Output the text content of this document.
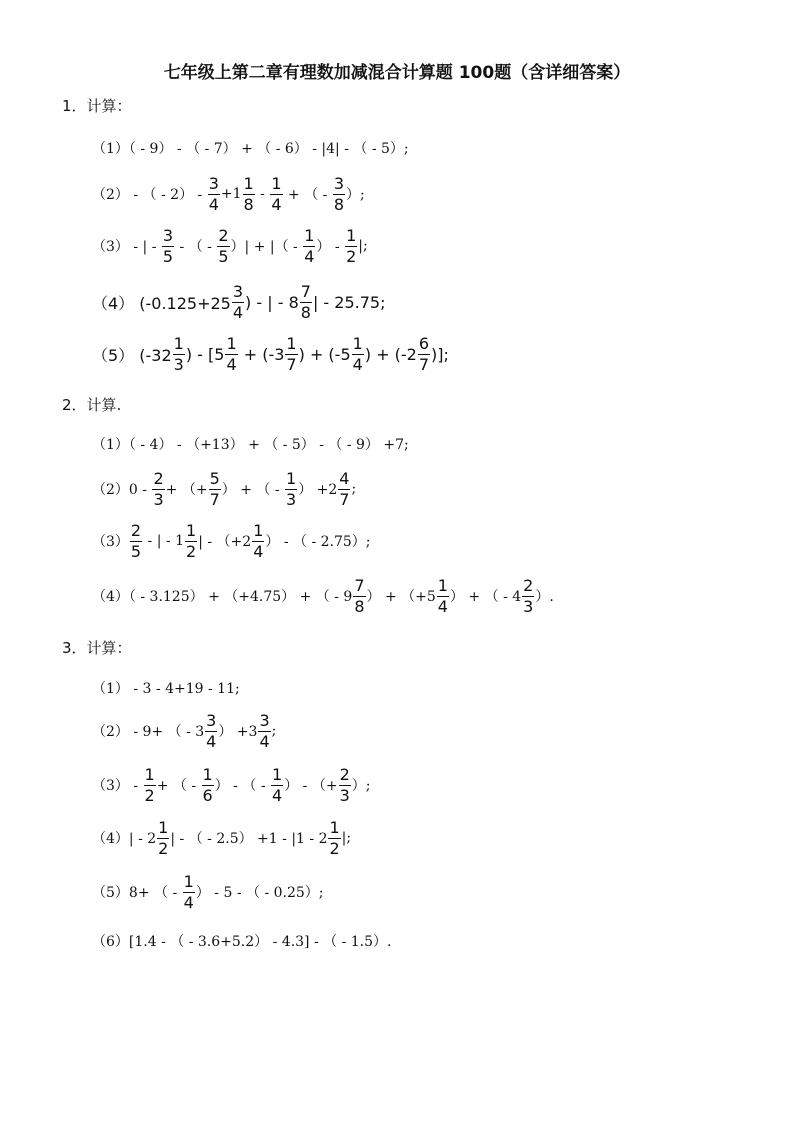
七年级上第二章有理数加减混合计算题 100题（含详细答案）
1．计算：
（1）（ - 9） - （ - 7） + （ - 6） - |4| - （ - 5）;
（2） - （ - $2) - \frac{3}{4} +1 \frac{1}{8} - \frac{1}{4}$ + （ - $\frac{3}{8}$ ）;
（3） - | - $\frac{3}{5}$ - （ - $\frac{2}{5}$ ）| + |（ - $\frac{1}{4}$ ） - $\frac{1}{2}$ |;
（4） ($-0.125+25 \frac{3}{4}$ ) - | - $8 \frac{7}{8}$ | - 25.75;
（5） ($-32 \frac{1}{3}$ ) - [$5 \frac{1}{4} + (-3 \frac{1}{7}$ ) + ($-5 \frac{1}{4}$ ) + ($-2 \frac{6}{7}$ )];
2．计算.
（1）（ - 4） - （+13） + （ - 5） - （ - 9） +7;
$(2)0 - \frac{2}{3}$ + （+ $\frac{5}{7}$ ） + （ - $\frac{1}{3}$ ） $+2 \frac{4}{7}$ ;
$(3) \frac{2}{5}$ - | - $1 \frac{1}{2}$ | - （$+2 \frac{1}{4}$ ） - （ - 2.75）;
（4）（ - 3.125） + （+4.75） + （ - $9 \frac{7}{8}$ ） + （$+5 \frac{1}{4}$ ） + （ - $4 \frac{2}{3}$ ）.
3．计算：
（1） - 3 - 4+19 - 11;
（2） - 9+ （ - $3 \frac{3}{4}$ ） $+3 \frac{3}{4}$ ;
$(3) - \frac{1}{2}$ + （ - $\frac{1}{6}$ ） - （ - $\frac{1}{4}$ ） - （+ $\frac{2}{3}$ ）;
$(4)| - 2 \frac{1}{2}$ | - （ - $2.5) +1 - |1 - 2 \frac{1}{2}$ |;
（5）8+ （ - $\frac{1}{4}$ ） - 5 - （ - 0.25）;
（6）[1.4 - （ - 3.6+5.2） - 4.3] - （ - 1.5）.
